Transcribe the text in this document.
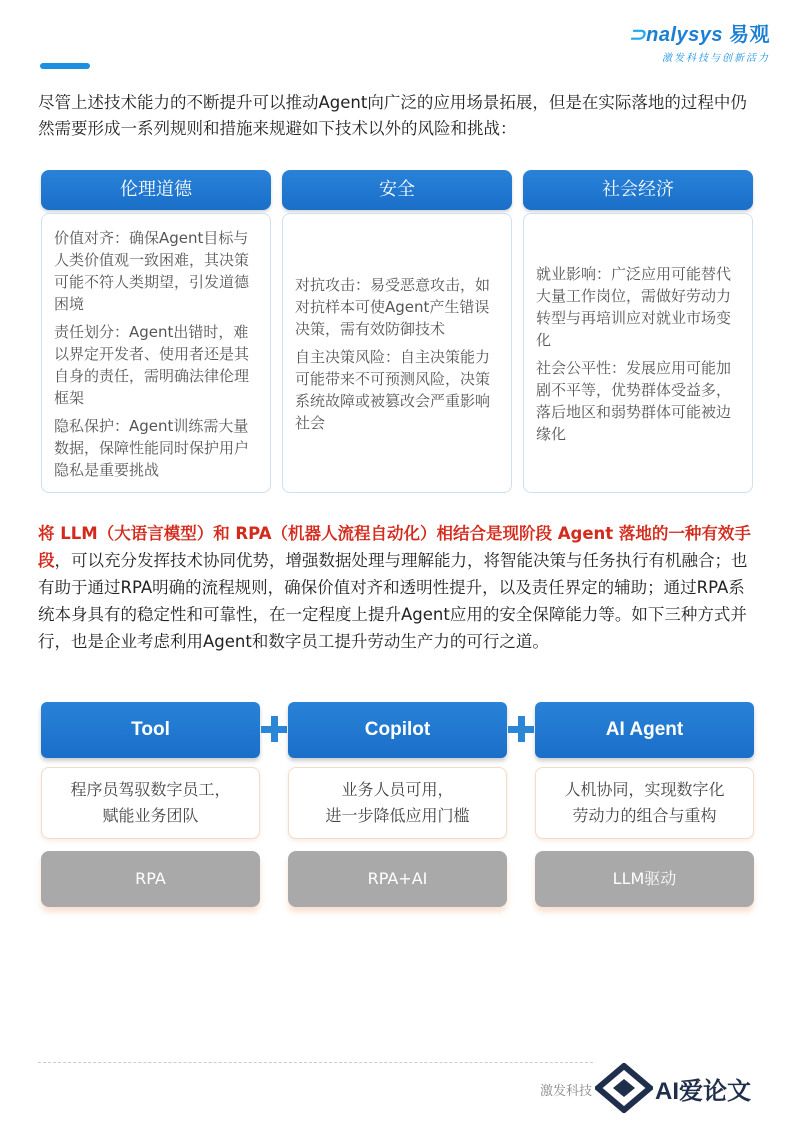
⊃nalysys 易观
激发科技与创新活力
尽管上述技术能力的不断提升可以推动Agent向广泛的应用场景拓展，但是在实际落地的过程中仍然需要形成一系列规则和措施来规避如下技术以外的风险和挑战：
伦理道德

价值对齐：确保Agent目标与人类价值观一致困难，其决策可能不符人类期望，引发道德困境

责任划分：Agent出错时，难以界定开发者、使用者还是其自身的责任，需明确法律伦理框架

隐私保护：Agent训练需大量数据，保障性能同时保护用户隐私是重要挑战

安全

对抗攻击：易受恶意攻击，如对抗样本可使Agent产生错误决策，需有效防御技术

自主决策风险：自主决策能力可能带来不可预测风险，决策系统故障或被篡改会严重影响社会

社会经济

就业影响：广泛应用可能替代大量工作岗位，需做好劳动力转型与再培训应对就业市场变化

社会公平性：发展应用可能加剧不平等，优势群体受益多，落后地区和弱势群体可能被边缘化

将 LLM（大语言模型）和 RPA（机器人流程自动化）相结合是现阶段 Agent 落地的一种有效手段，可以充分发挥技术协同优势，增强数据处理与理解能力，将智能决策与任务执行有机融合；也有助于通过RPA明确的流程规则，确保价值对齐和透明性提升，以及责任界定的辅助；通过RPA系统本身具有的稳定性和可靠性，在一定程度上提升Agent应用的安全保障能力等。如下三种方式并行，也是企业考虑利用Agent和数字员工提升劳动生产力的可行之道。
Tool
程序员驾驭数字员工，
赋能业务团队
RPA
Copilot
业务人员可用，
进一步降低应用门槛
RPA+AI
AI Agent
人机协同，实现数字化
劳动力的组合与重构
LLM驱动
激发科技	AI爱论文
